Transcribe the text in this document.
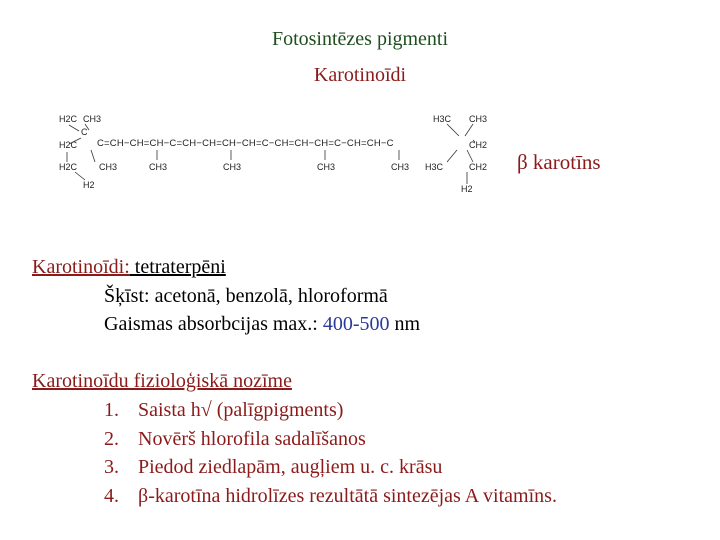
Fotosintēzes pigmenti
Karotinoīdi
H2C CH3
H2C
C
H2C CH3
H2
C=CH−CH=CH−C=CH−CH=CH−CH=C−CH=CH−CH=C−CH=CH−C
CH3	CH3	CH3	CH3
H3C CH3
CH2
H3C	CH2
H2
β karotīns
Karotinoīdi: tetraterpēni
Šķīst: acetonā, benzolā, hloroformā
Gaismas absorbcijas max.: 400-500 nm
Karotinoīdu fizioloģiskā nozīme
1. Saista h√ (palīgpigments)
2. Novērš hlorofila sadalīšanos
3. Piedod ziedlapām, augļiem u. c. krāsu
4. β-karotīna hidrolīzes rezultātā sintezējas A vitamīns.
